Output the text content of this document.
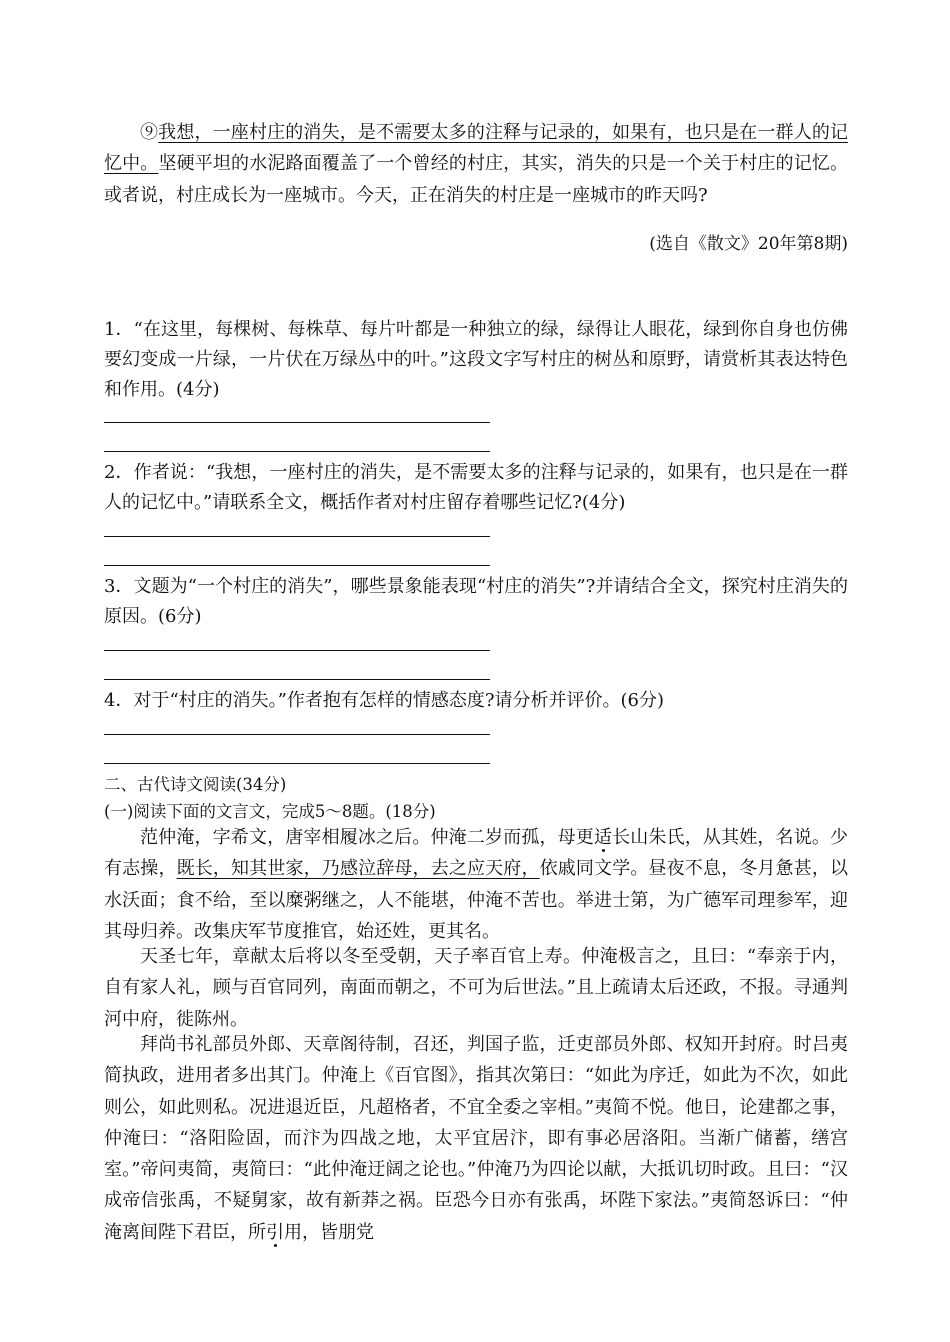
⑨我想，一座村庄的消失，是不需要太多的注释与记录的，如果有，也只是在一群人的记忆中。坚硬平坦的水泥路面覆盖了一个曾经的村庄，其实，消失的只是一个关于村庄的记忆。或者说，村庄成长为一座城市。今天，正在消失的村庄是一座城市的昨天吗?

(选自《散文》20年第8期)

1．“在这里，每棵树、每株草、每片叶都是一种独立的绿，绿得让人眼花，绿到你自身也仿佛要幻变成一片绿，一片伏在万绿丛中的叶。”这段文字写村庄的树丛和原野，请赏析其表达特色和作用。(4分)

2．作者说：“我想，一座村庄的消失，是不需要太多的注释与记录的，如果有，也只是在一群人的记忆中。”请联系全文，概括作者对村庄留存着哪些记忆?(4分)

3．文题为“一个村庄的消失”，哪些景象能表现“村庄的消失”?并请结合全文，探究村庄消失的原因。(6分)

4．对于“村庄的消失。”作者抱有怎样的情感态度?请分析并评价。(6分)

二、古代诗文阅读(34分)

(一)阅读下面的文言文，完成5～8题。(18分)

范仲淹，字希文，唐宰相履冰之后。仲淹二岁而孤，母更适长山朱氏，从其姓，名说。少有志操，既长，知其世家，乃感泣辞母，去之应天府，依戚同文学。昼夜不息，冬月惫甚，以水沃面；食不给，至以糜粥继之，人不能堪，仲淹不苦也。举进士第，为广德军司理参军，迎其母归养。改集庆军节度推官，始还姓，更其名。

天圣七年，章献太后将以冬至受朝，天子率百官上寿。仲淹极言之，且曰：“奉亲于内，自有家人礼，顾与百官同列，南面而朝之，不可为后世法。”且上疏请太后还政，不报。寻通判河中府，徙陈州。

拜尚书礼部员外郎、天章阁待制，召还，判国子监，迁吏部员外郎、权知开封府。时吕夷简执政，进用者多出其门。仲淹上《百官图》，指其次第曰：“如此为序迁，如此为不次，如此则公，如此则私。况进退近臣，凡超格者，不宜全委之宰相。”夷简不悦。他日，论建都之事，仲淹曰：“洛阳险固，而汴为四战之地，太平宜居汴，即有事必居洛阳。当渐广储蓄，缮宫室。”帝问夷简，夷简曰：“此仲淹迂阔之论也。”仲淹乃为四论以献，大抵讥切时政。且曰：“汉成帝信张禹，不疑舅家，故有新莽之祸。臣恐今日亦有张禹，坏陛下家法。”夷简怒诉曰：“仲淹离间陛下君臣，所引用，皆朋党
